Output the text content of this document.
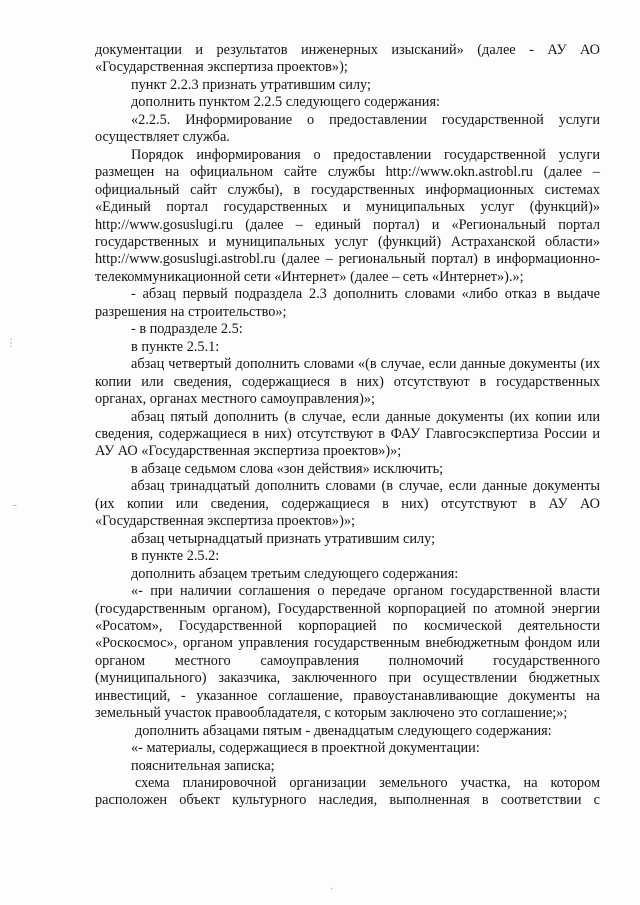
документации и результатов инженерных изысканий» (далее - АУ АО «Государственная экспертиза проектов»);

пункт 2.2.3 признать утратившим силу;

дополнить пунктом 2.2.5 следующего содержания:

«2.2.5. Информирование о предоставлении государственной услуги осуществляет служба.

Порядок информирования о предоставлении государственной услуги размещен на официальном сайте службы http://www.okn.astrobl.ru (далее – официальный сайт службы), в государственных информационных системах «Единый портал государственных и муниципальных услуг (функций)» http://www.gosuslugi.ru (далее – единый портал) и «Региональный портал государственных и муниципальных услуг (функций) Астраханской области» http://www.gosuslugi.astrobl.ru (далее – региональный портал) в информационно-телекоммуникационной сети «Интернет» (далее – сеть «Интернет»).»;

- абзац первый подраздела 2.3 дополнить словами «либо отказ в выдаче разрешения на строительство»;

- в подразделе 2.5:

в пункте 2.5.1:

абзац четвертый дополнить словами «(в случае, если данные документы (их копии или сведения, содержащиеся в них) отсутствуют в государственных органах, органах местного самоуправления)»;

абзац пятый дополнить (в случае, если данные документы (их копии или сведения, содержащиеся в них) отсутствуют в ФАУ Главгосэкспертиза России и АУ АО «Государственная экспертиза проектов»)»;

в абзаце седьмом слова «зон действия» исключить;

абзац тринадцатый дополнить словами (в случае, если данные документы (их копии или сведения, содержащиеся в них) отсутствуют в АУ АО «Государственная экспертиза проектов»)»;

абзац четырнадцатый признать утратившим силу;

в пункте 2.5.2:

дополнить абзацем третьим следующего содержания:

«- при наличии соглашения о передаче органом государственной власти (государственным органом), Государственной корпорацией по атомной энергии «Росатом», Государственной корпорацией по космической деятельности «Роскосмос», органом управления государственным внебюджетным фондом или органом местного самоуправления полномочий государственного (муниципального) заказчика, заключенного при осуществлении бюджетных инвестиций, - указанное соглашение, правоустанавливающие документы на земельный участок правообладателя, с которым заключено это соглашение;»;

дополнить абзацами пятым - двенадцатым следующего содержания:

«- материалы, содержащиеся в проектной документации:

пояснительная записка;

схема планировочной организации земельного участка, на котором расположен объект культурного наследия, выполненная в соответствии с

⋮
–
·
